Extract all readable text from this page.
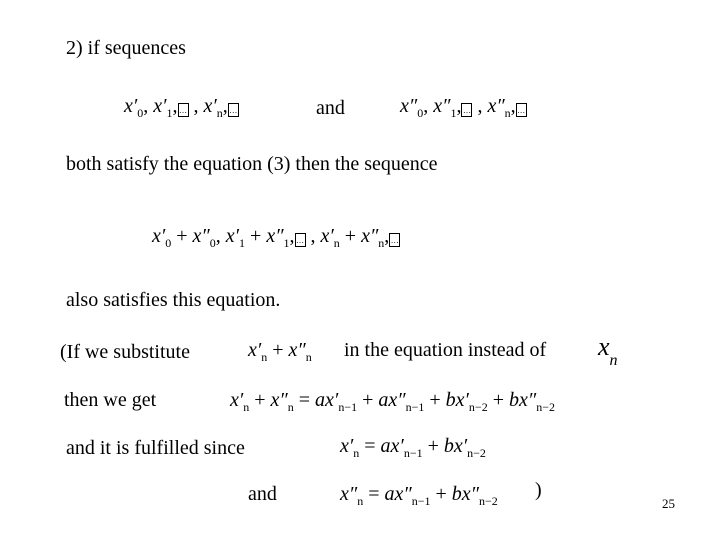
2) if sequences
and
both satisfy the equation (3) then the sequence
also satisfies this equation.
(If we substitute	in the equation instead of
then we get
and it is fulfilled since
and	)
$x'_0$, $x'_1$, … , $x'_n$, …	$x''_0$, $x''_1$, … , $x''_n$, …
$x'_0 + x''_0$, $x'_1 + x''_1$, … , $x'_n + x''_n$, …
$x'_n + x''_n$	$x_n$
$x'_n + x''_n = ax'_{n-1} + ax''_{n-1} + bx'_{n-2} + bx''_{n-2}$
$x'_n = ax'_{n-1} + bx'_{n-2}$
$x''_n = ax''_{n-1} + bx''_{n-2}$	25
